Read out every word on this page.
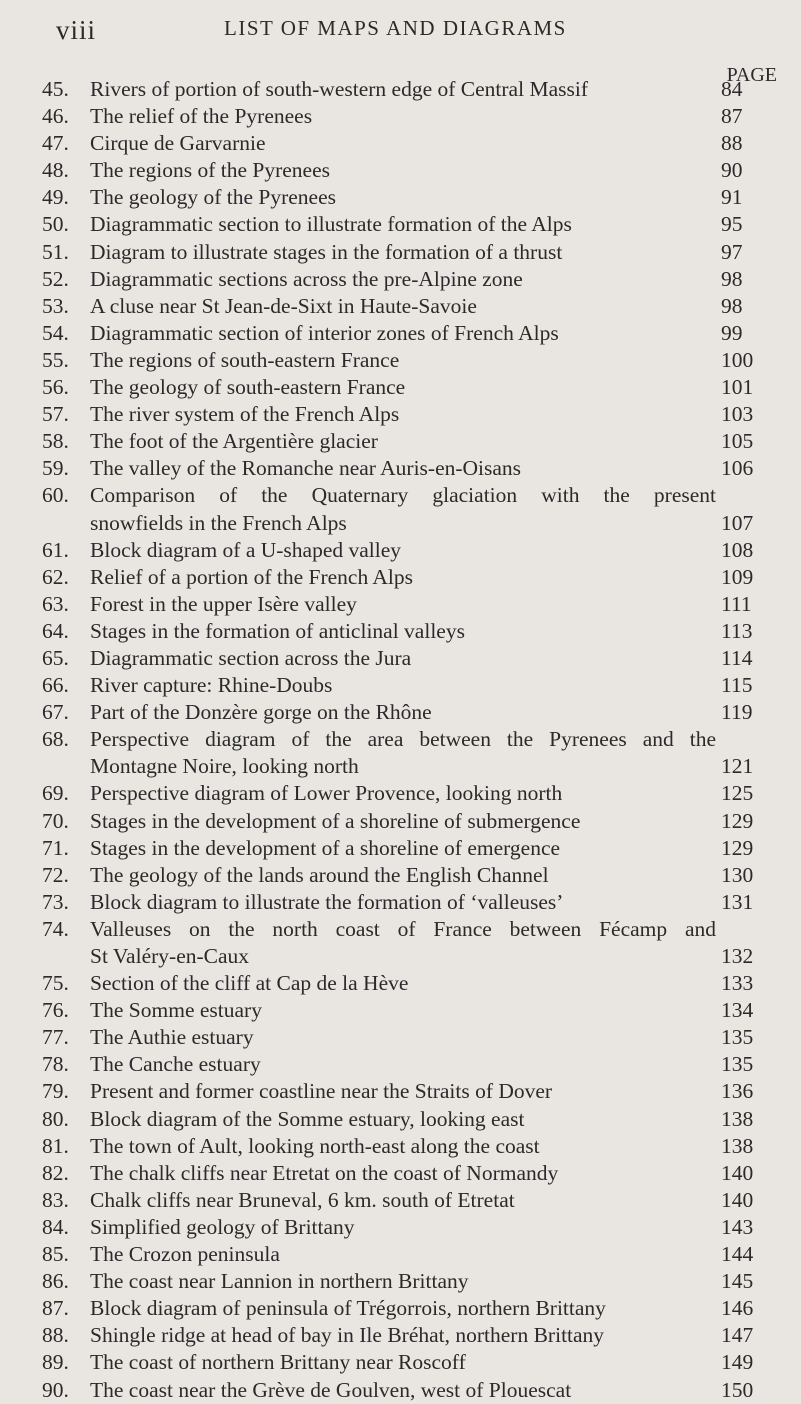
viii	LIST OF MAPS AND DIAGRAMS
PAGE
45. Rivers of portion of south-western edge of Central Massif	84
46. The relief of the Pyrenees	87
47. Cirque de Garvarnie	88
48. The regions of the Pyrenees	90
49. The geology of the Pyrenees	91
50. Diagrammatic section to illustrate formation of the Alps	95
51. Diagram to illustrate stages in the formation of a thrust	97
52. Diagrammatic sections across the pre-Alpine zone	98
53. A cluse near St Jean-de-Sixt in Haute-Savoie	98
54. Diagrammatic section of interior zones of French Alps	99
55. The regions of south-eastern France	100
56. The geology of south-eastern France	101
57. The river system of the French Alps	103
58. The foot of the Argentière glacier	105
59. The valley of the Romanche near Auris-en-Oisans	106
60. Comparison of the Quaternary glaciation with the present
snowfields in the French Alps	107
61. Block diagram of a U-shaped valley	108
62. Relief of a portion of the French Alps	109
63. Forest in the upper Isère valley	111
64. Stages in the formation of anticlinal valleys	113
65. Diagrammatic section across the Jura	114
66. River capture: Rhine-Doubs	115
67. Part of the Donzère gorge on the Rhône	119
68. Perspective diagram of the area between the Pyrenees and the
Montagne Noire, looking north	121
69. Perspective diagram of Lower Provence, looking north	125
70. Stages in the development of a shoreline of submergence	129
71. Stages in the development of a shoreline of emergence	129
72. The geology of the lands around the English Channel	130
73. Block diagram to illustrate the formation of ‘valleuses’	131
74. Valleuses on the north coast of France between Fécamp and
St Valéry-en-Caux	132
75. Section of the cliff at Cap de la Hève	133
76. The Somme estuary	134
77. The Authie estuary	135
78. The Canche estuary	135
79. Present and former coastline near the Straits of Dover	136
80. Block diagram of the Somme estuary, looking east	138
81. The town of Ault, looking north-east along the coast	138
82. The chalk cliffs near Etretat on the coast of Normandy	140
83. Chalk cliffs near Bruneval, 6 km. south of Etretat	140
84. Simplified geology of Brittany	143
85. The Crozon peninsula	144
86. The coast near Lannion in northern Brittany	145
87. Block diagram of peninsula of Trégorrois, northern Brittany	146
88. Shingle ridge at head of bay in Ile Bréhat, northern Brittany	147
89. The coast of northern Brittany near Roscoff	149
90. The coast near the Grève de Goulven, west of Plouescat	150
